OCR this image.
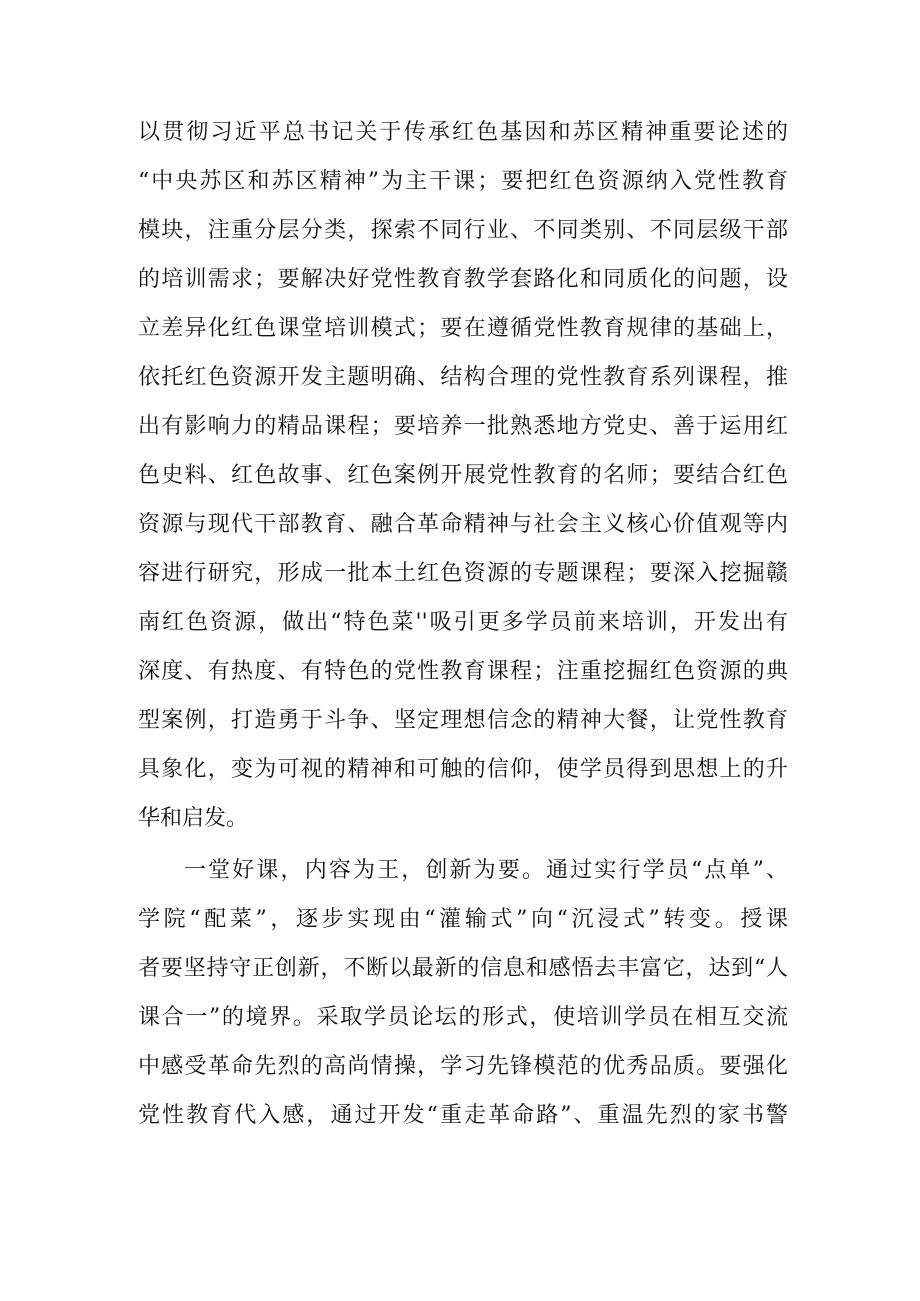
以贯彻习近平总书记关于传承红色基因和苏区精神重要论述的
“中央苏区和苏区精神”为主干课；要把红色资源纳入党性教育
模块，注重分层分类，探索不同行业、不同类别、不同层级干部
的培训需求；要解决好党性教育教学套路化和同质化的问题，设
立差异化红色课堂培训模式；要在遵循党性教育规律的基础上，
依托红色资源开发主题明确、结构合理的党性教育系列课程，推
出有影响力的精品课程；要培养一批熟悉地方党史、善于运用红
色史料、红色故事、红色案例开展党性教育的名师；要结合红色
资源与现代干部教育、融合革命精神与社会主义核心价值观等内
容进行研究，形成一批本土红色资源的专题课程；要深入挖掘赣
南红色资源，做出“特色菜''吸引更多学员前来培训，开发出有
深度、有热度、有特色的党性教育课程；注重挖掘红色资源的典
型案例，打造勇于斗争、坚定理想信念的精神大餐，让党性教育
具象化，变为可视的精神和可触的信仰，使学员得到思想上的升
华和启发。
一堂好课，内容为王，创新为要。通过实行学员“点单”、
学院“配菜”，逐步实现由“灌输式”向“沉浸式”转变。授课
者要坚持守正创新，不断以最新的信息和感悟去丰富它，达到“人
课合一”的境界。采取学员论坛的形式，使培训学员在相互交流
中感受革命先烈的高尚情操，学习先锋模范的优秀品质。要强化
党性教育代入感，通过开发“重走革命路”、重温先烈的家书警
